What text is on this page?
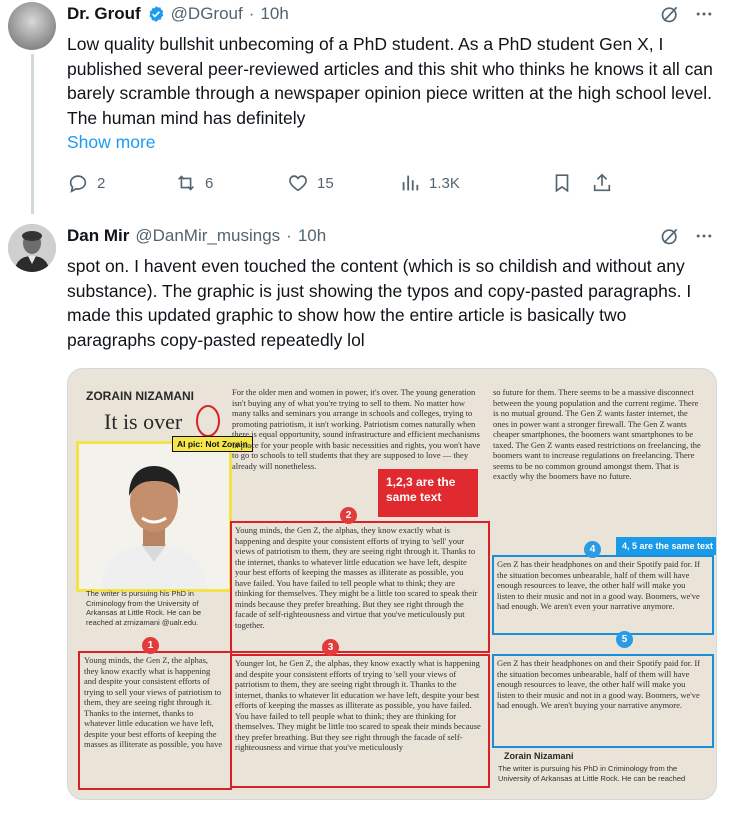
Dr. Grouf @DGrouf · 10h
Low quality bullshit unbecoming of a PhD student. As a PhD student Gen X, I published several peer-reviewed articles and this shit who thinks he knows it all can barely scramble through a newspaper opinion piece written at the high school level. The human mind has definitely
Show more
2	6	15	1.3K
Dan Mir @DanMir_musings · 10h
spot on. I havent even touched the content (which is so childish and without any substance). The graphic is just showing the typos and copy-pasted paragraphs. I made this updated graphic to show how the entire article is basically two paragraphs copy-pasted repeatedly lol
ZORAIN NIZAMANI
It is over
AI pic: Not Zorain
The writer is pursuing his PhD in Criminology from the University of Arkansas at Little Rock. He can be reached at zrnizamani @ualr.edu.
1
Young minds, the Gen Z, the alphas, they know exactly what is happening and despite your consistent efforts of trying to sell your views of patriotism to them, they are seeing right through it. Thanks to the internet, thanks to whatever little education we have left, despite your best efforts of keeping the masses as illiterate as possible, you have
For the older men and women in power, it's over. The young generation isn't buying any of what you're trying to sell to them. No matter how many talks and seminars you arrange in schools and colleges, trying to promoting patriotism, it isn't working. Patriotism comes naturally when there is equal opportunity, sound infrastructure and efficient mechanisms in place for your people with basic necessities and rights, you won't have to go to schools to tell students that they are supposed to love — they already will nonetheless.
1,2,3 are the same text
2
Young minds, the Gen Z, the alphas, they know exactly what is happening and despite your consistent efforts of trying to 'sell' your views of patriotism to them, they are seeing right through it. Thanks to the internet, thanks to whatever little education we have left, despite your best efforts of keeping the masses as illiterate as possible, you have failed. You have failed to tell people what to think; they are thinking for themselves. They might be a little too scared to speak their minds because they prefer breathing. But they see right through the facade of self-righteousness and virtue that you've meticulously put together.
3
Younger lot, he Gen Z, the alphas, they know exactly what is happening and despite your consistent efforts of trying to 'sell your views of patriotism to them, they are seeing right through it. Thanks to the internet, thanks to whatever lit education we have left, despite your best efforts of keeping the masses as illiterate as possible, you have failed. You have failed to tell people what to think; they are thinking for themselves. They might be little too scared to speak their minds because they prefer breathing. But they see right through the facade of self-righteousness and virtue that you've meticulously
so future for them. There seems to be a massive disconnect between the young population and the current regime. There is no mutual ground. The Gen Z wants faster internet, the ones in power want a stronger firewall. The Gen Z wants cheaper smartphones, the boomers want smartphones to be taxed. The Gen Z wants eased restrictions on freelancing, the boomers want to increase regulations on freelancing. There seems to be no common ground amongst them. That is exactly why the boomers have no future.
4, 5 are the same text
4
Gen Z has their headphones on and their Spotify paid for. If the situation becomes unbearable, half of them will have enough resources to leave, the other half will make you listen to their music and not in a good way. Boomers, we've had enough. We aren't even your narrative anymore.
5
Gen Z has their headphones on and their Spotify paid for. If the situation becomes unbearable, half of them will have enough resources to leave, the other half will make you listen to their music and not in a good way. Boomers, we've had enough. We aren't buying your narrative anymore.
Zorain Nizamani
The writer is pursuing his PhD in Criminology from the University of Arkansas at Little Rock. He can be reached
